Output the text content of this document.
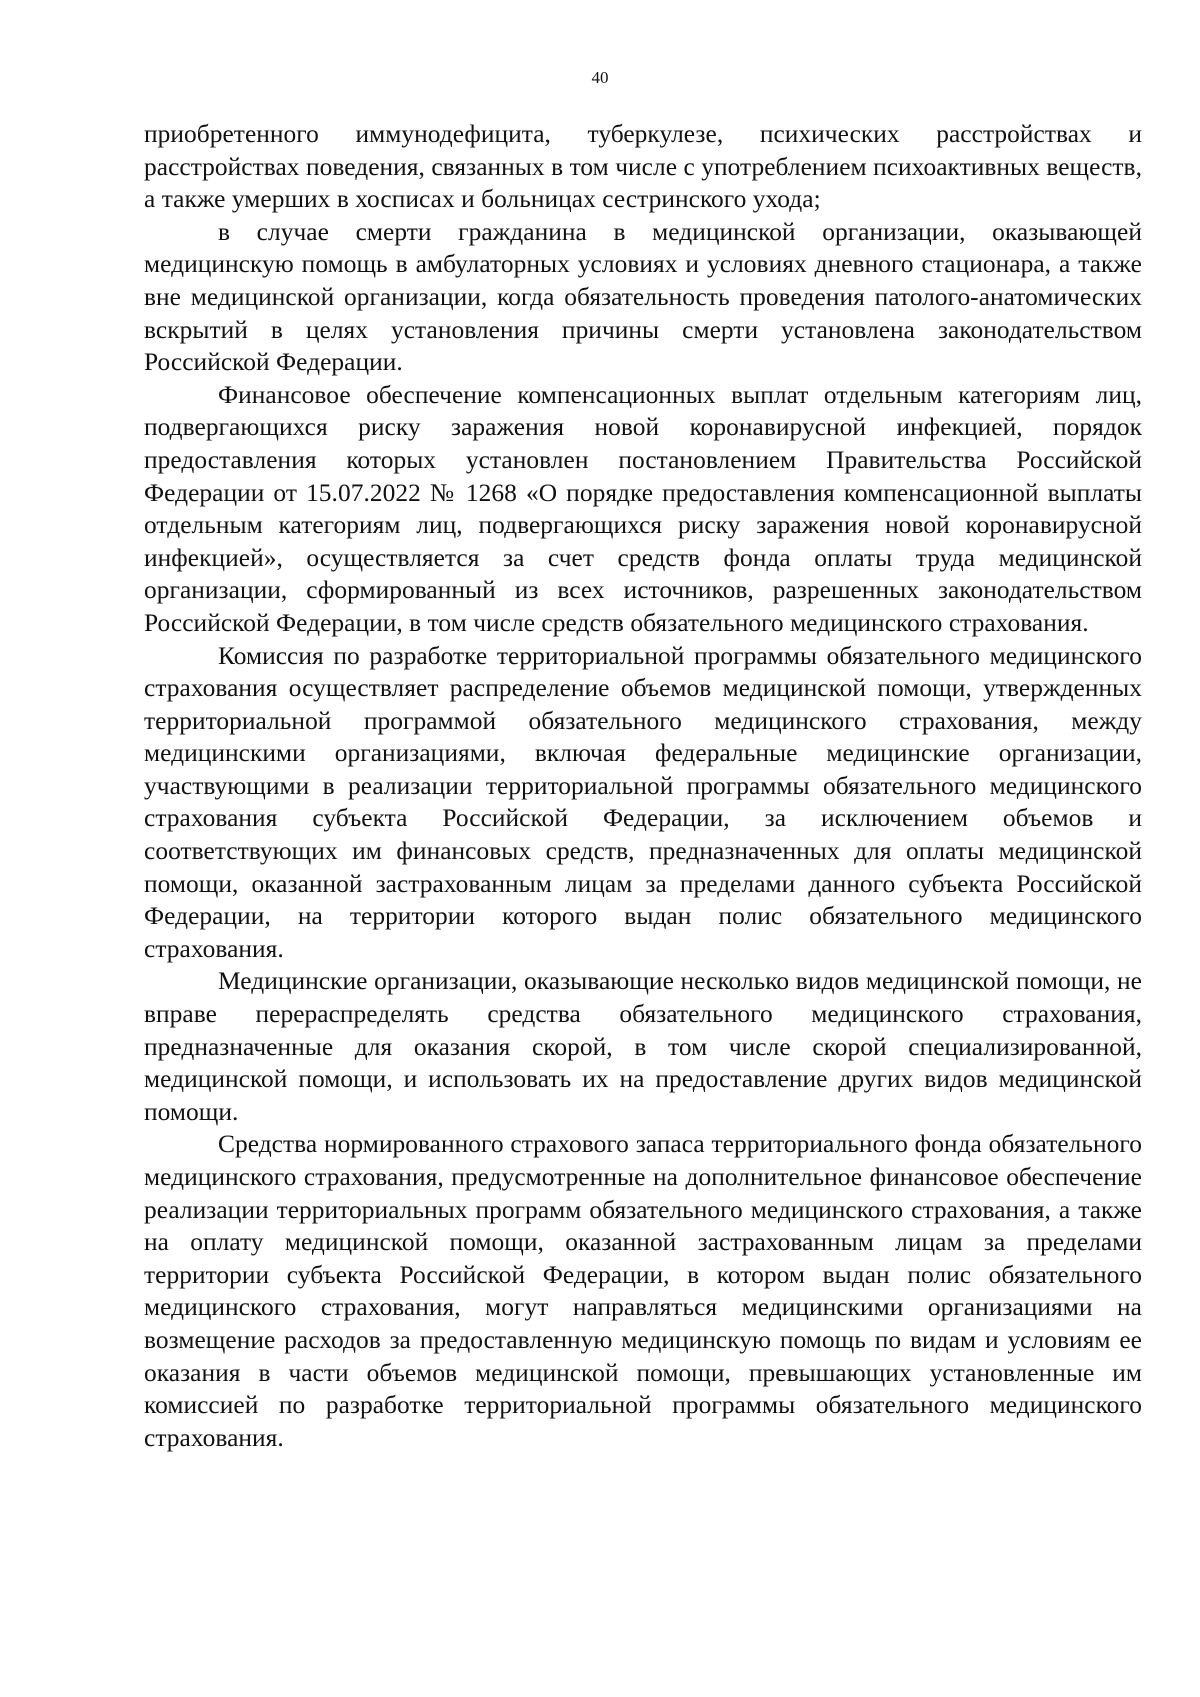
40

приобретенного иммунодефицита, туберкулезе, психических расстройствах и расстройствах поведения, связанных в том числе с употреблением психоактивных веществ, а также умерших в хосписах и больницах сестринского ухода;

в случае смерти гражданина в медицинской организации, оказывающей медицинскую помощь в амбулаторных условиях и условиях дневного стационара, а также вне медицинской организации, когда обязательность проведения патолого-анатомических вскрытий в целях установления причины смерти установлена законодательством Российской Федерации.

Финансовое обеспечение компенсационных выплат отдельным категориям лиц, подвергающихся риску заражения новой коронавирусной инфекцией, порядок предоставления которых установлен постановлением Правительства Российской Федерации от 15.07.2022 № 1268 «О порядке предоставления компенсационной выплаты отдельным категориям лиц, подвергающихся риску заражения новой коронавирусной инфекцией», осуществляется за счет средств фонда оплаты труда медицинской организации, сформированный из всех источников, разрешенных законодательством Российской Федерации, в том числе средств обязательного медицинского страхования.

Комиссия по разработке территориальной программы обязательного медицинского страхования осуществляет распределение объемов медицинской помощи, утвержденных территориальной программой обязательного медицинского страхования, между медицинскими организациями, включая федеральные медицинские организации, участвующими в реализации территориальной программы обязательного медицинского страхования субъекта Российской Федерации, за исключением объемов и соответствующих им финансовых средств, предназначенных для оплаты медицинской помощи, оказанной застрахованным лицам за пределами данного субъекта Российской Федерации, на территории которого выдан полис обязательного медицинского страхования.

Медицинские организации, оказывающие несколько видов медицинской помощи, не вправе перераспределять средства обязательного медицинского страхования, предназначенные для оказания скорой, в том числе скорой специализированной, медицинской помощи, и использовать их на предоставление других видов медицинской помощи.

Средства нормированного страхового запаса территориального фонда обязательного медицинского страхования, предусмотренные на дополнительное финансовое обеспечение реализации территориальных программ обязательного медицинского страхования, а также на оплату медицинской помощи, оказанной застрахованным лицам за пределами территории субъекта Российской Федерации, в котором выдан полис обязательного медицинского страхования, могут направляться медицинскими организациями на возмещение расходов за предоставленную медицинскую помощь по видам и условиям ее оказания в части объемов медицинской помощи, превышающих установленные им комиссией по разработке территориальной программы обязательного медицинского страхования.
